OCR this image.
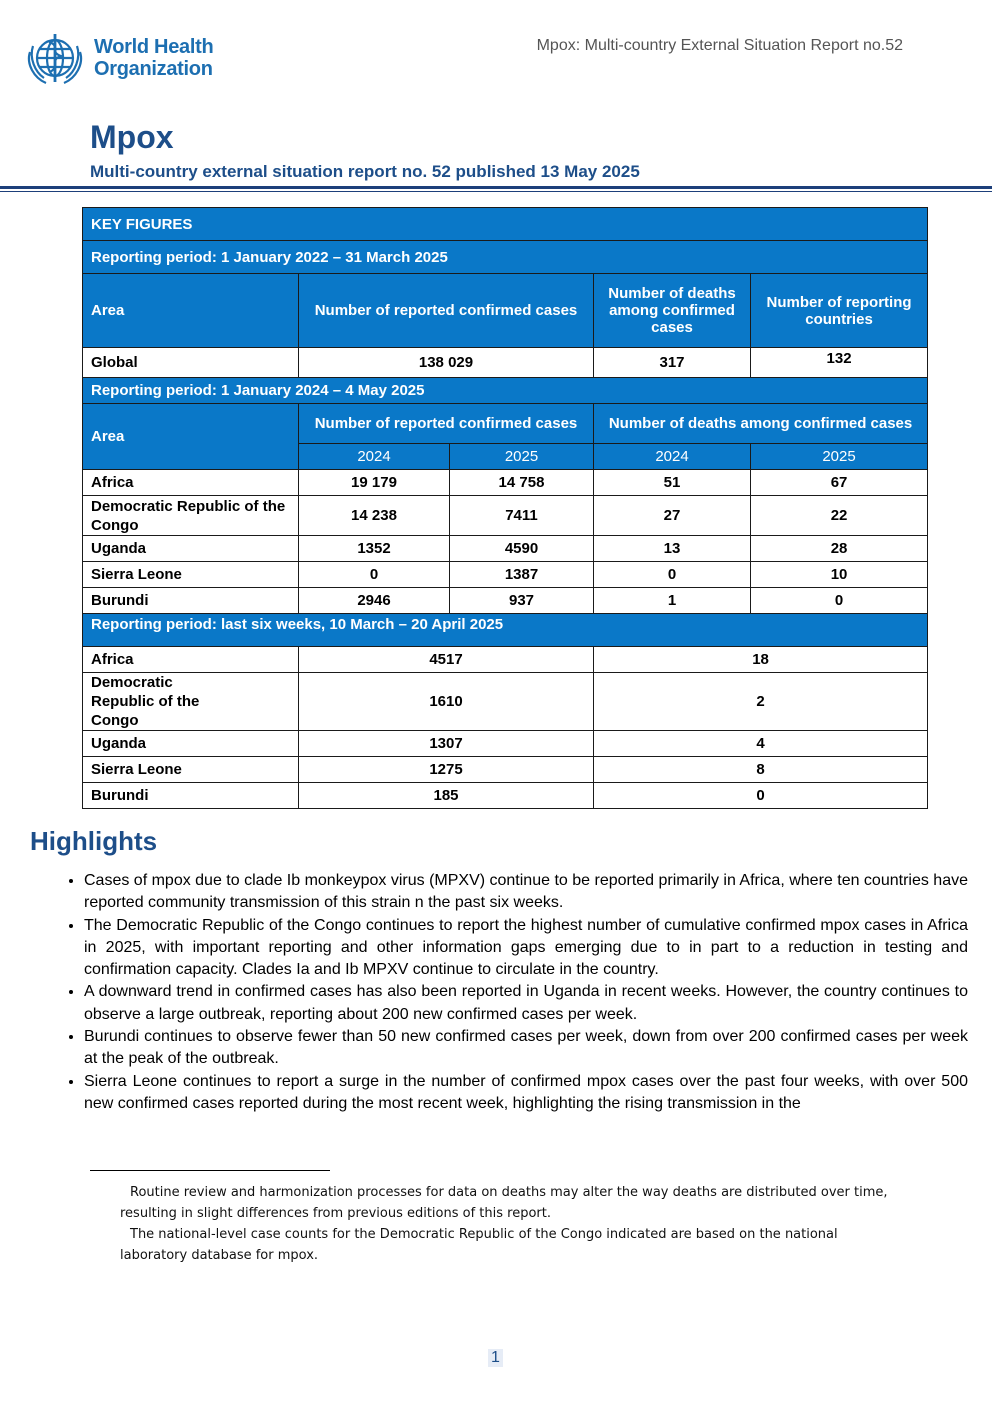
World Health
Organization
Mpox: Multi-country External Situation Report no.52
Mpox
Multi-country external situation report no. 52 published 13 May 2025
KEY FIGURES				
Reporting period: 1 January 2022 – 31 March 2025				
Area	Number of reported confirmed cases		Number of deaths among confirmed cases	Number of reporting countries
Global	138 029		317	132
Reporting period: 1 January 2024 – 4 May 2025				
Area	Number of reported confirmed cases		Number of deaths among confirmed cases	
	2024	2025	2024	2025
Africa	19 179	14 758	51	67
Democratic Republic of the Congo	14 238	7411	27	22
Uganda	1352	4590	13	28
Sierra Leone	0	1387	0	10
Burundi	2946	937	1	0
Reporting period: last six weeks, 10 March – 20 April 2025				
Africa	4517		18	
Democratic Republic of the Congo	1610		2	
Uganda	1307		4	
Sierra Leone	1275		8	
Burundi	185		0	
Highlights
• Cases of mpox due to clade Ib monkeypox virus (MPXV) continue to be reported primarily in Africa, where ten countries have reported community transmission of this strain n the past six weeks.
• The Democratic Republic of the Congo continues to report the highest number of cumulative confirmed mpox cases in Africa in 2025, with important reporting and other information gaps emerging due to in part to a reduction in testing and confirmation capacity. Clades Ia and Ib MPXV continue to circulate in the country.
• A downward trend in confirmed cases has also been reported in Uganda in recent weeks. However, the country continues to observe a large outbreak, reporting about 200 new confirmed cases per week.
• Burundi continues to observe fewer than 50 new confirmed cases per week, down from over 200 confirmed cases per week at the peak of the outbreak.
• Sierra Leone continues to report a surge in the number of confirmed mpox cases over the past four weeks, with over 500 new confirmed cases reported during the most recent week, highlighting the rising transmission in the

Routine review and harmonization processes for data on deaths may alter the way deaths are distributed over time, resulting in slight differences from previous editions of this report.

The national-level case counts for the Democratic Republic of the Congo indicated are based on the national laboratory database for mpox.

1
